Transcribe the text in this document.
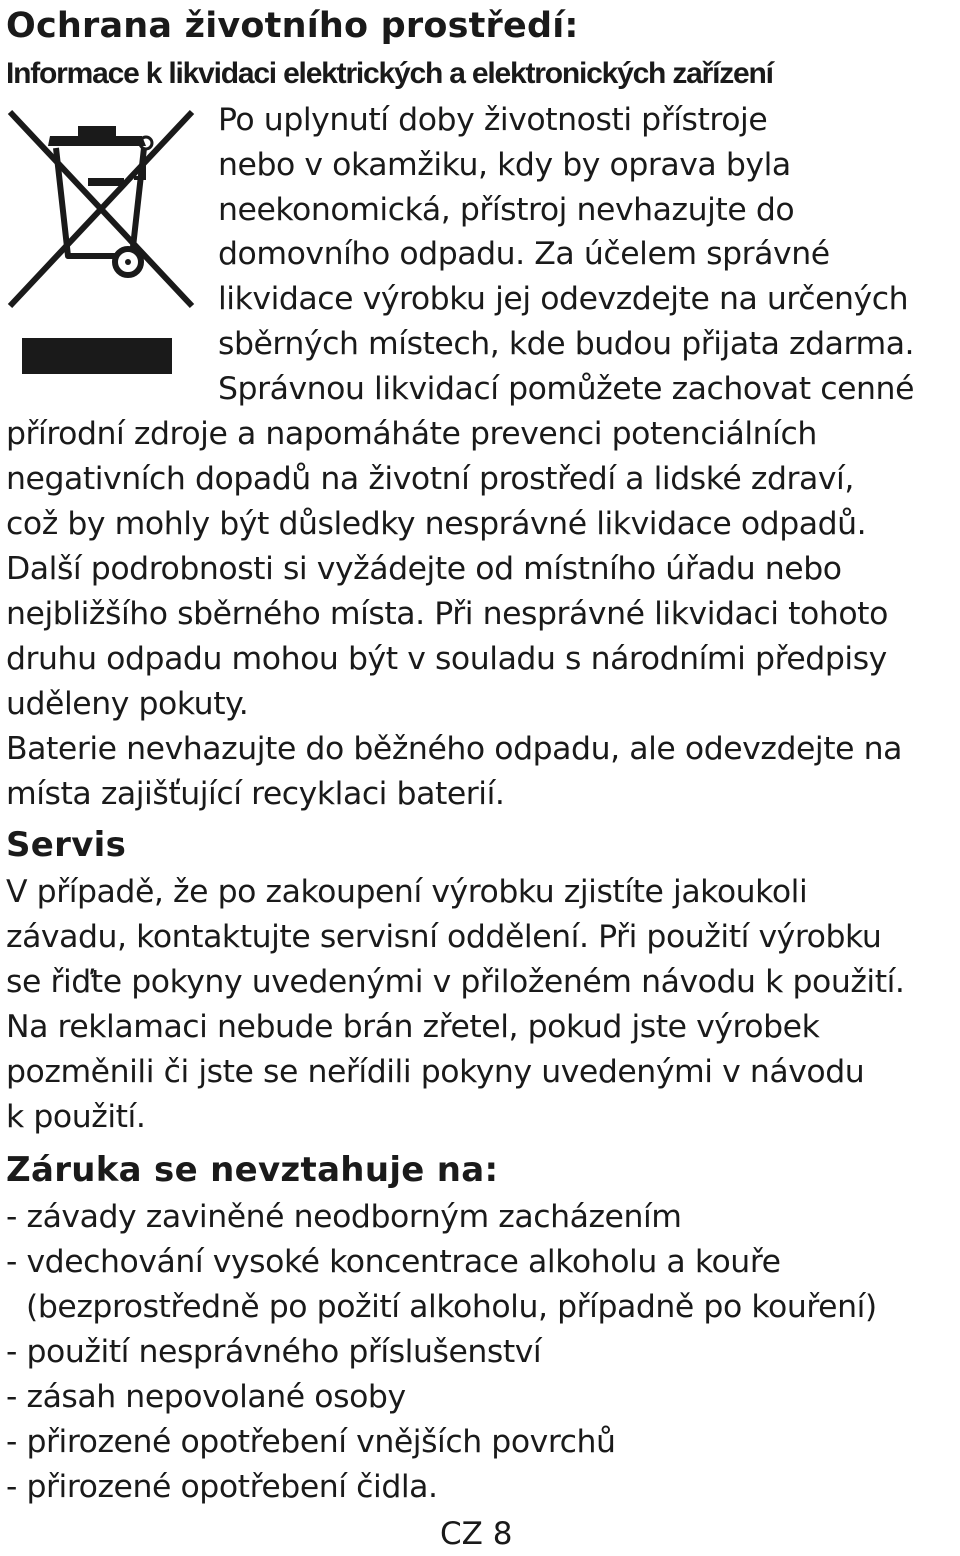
Ochrana životního prostředí:
Informace k likvidaci elektrických a elektronických zařízení
Po uplynutí doby životnosti přístroje
nebo v okamžiku, kdy by oprava byla
neekonomická, přístroj nevhazujte do
domovního odpadu. Za účelem správné
likvidace výrobku jej odevzdejte na určených
sběrných místech, kde budou přijata zdarma.
Správnou likvidací pomůžete zachovat cenné
přírodní zdroje a napomáháte prevenci potenciálních
negativních dopadů na životní prostředí a lidské zdraví,
což by mohly být důsledky nesprávné likvidace odpadů.
Další podrobnosti si vyžádejte od místního úřadu nebo
nejbližšího sběrného místa. Při nesprávné likvidaci tohoto
druhu odpadu mohou být v souladu s národními předpisy
uděleny pokuty.
Baterie nevhazujte do běžného odpadu, ale odevzdejte na
místa zajišťující recyklaci baterií.
Servis
V případě, že po zakoupení výrobku zjistíte jakoukoli
závadu, kontaktujte servisní oddělení. Při použití výrobku
se řiďte pokyny uvedenými v přiloženém návodu k použití.
Na reklamaci nebude brán zřetel, pokud jste výrobek
pozměnili či jste se neřídili pokyny uvedenými v návodu
k použití.
Záruka se nevztahuje na:
- závady zaviněné neodborným zacházením
- vdechování vysoké koncentrace alkoholu a kouře
(bezprostředně po požití alkoholu, případně po kouření)
- použití nesprávného příslušenství
- zásah nepovolané osoby
- přirozené opotřebení vnějších povrchů
- přirozené opotřebení čidla.
CZ 8
